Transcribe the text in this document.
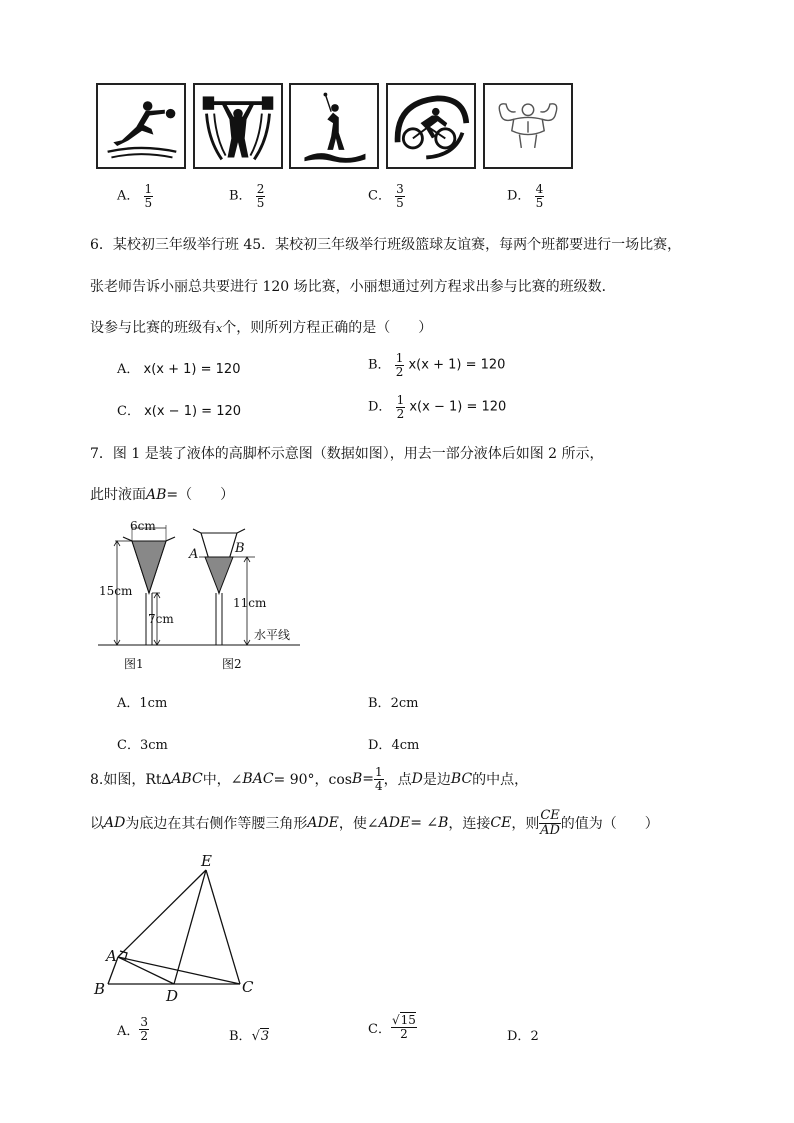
A． $\frac{1}{5}$	B． $\frac{2}{5}$	C． $\frac{3}{5}$	D． $\frac{4}{5}$
6．某校初三年级举行班 45．某校初三年级举行班级篮球友谊赛，每两个班都要进行一场比赛，
张老师告诉小丽总共要进行 120 场比赛，小丽想通过列方程求出参与比赛的班级数．
设参与比赛的班级有x个，则所列方程正确的是（　　）
A． x(x + 1) = 120	B． $\frac{1}{2} x(x + 1) = 120$
C． x(x − 1) = 120	D． $\frac{1}{2} x(x - 1) = 120$
7．图 1 是装了液体的高脚杯示意图（数据如图），用去一部分液体后如图 2 所示，
此时液面AB=（　　）
6cm
15cm
7cm
11cm
A	B
水平线
图1	图2
A．1cm	B．2cm
C．3cm	D．4cm
8.如图，Rt∆ ABC 中，∠ BAC = 90°，$\cos B = \frac{1}{4}$ ，点 D 是边 BC 的中点，
以 AD 为底边在其右侧作等腰三角形 ADE ，使∠ ADE = ∠ B ，连接 CE ，则 $\frac{CE}{AD}$ 的值为（　　）
E
A
B	D	C
A． $\frac{3}{2}$	B．√3	C． $\frac{√15}{2}$	D．2
